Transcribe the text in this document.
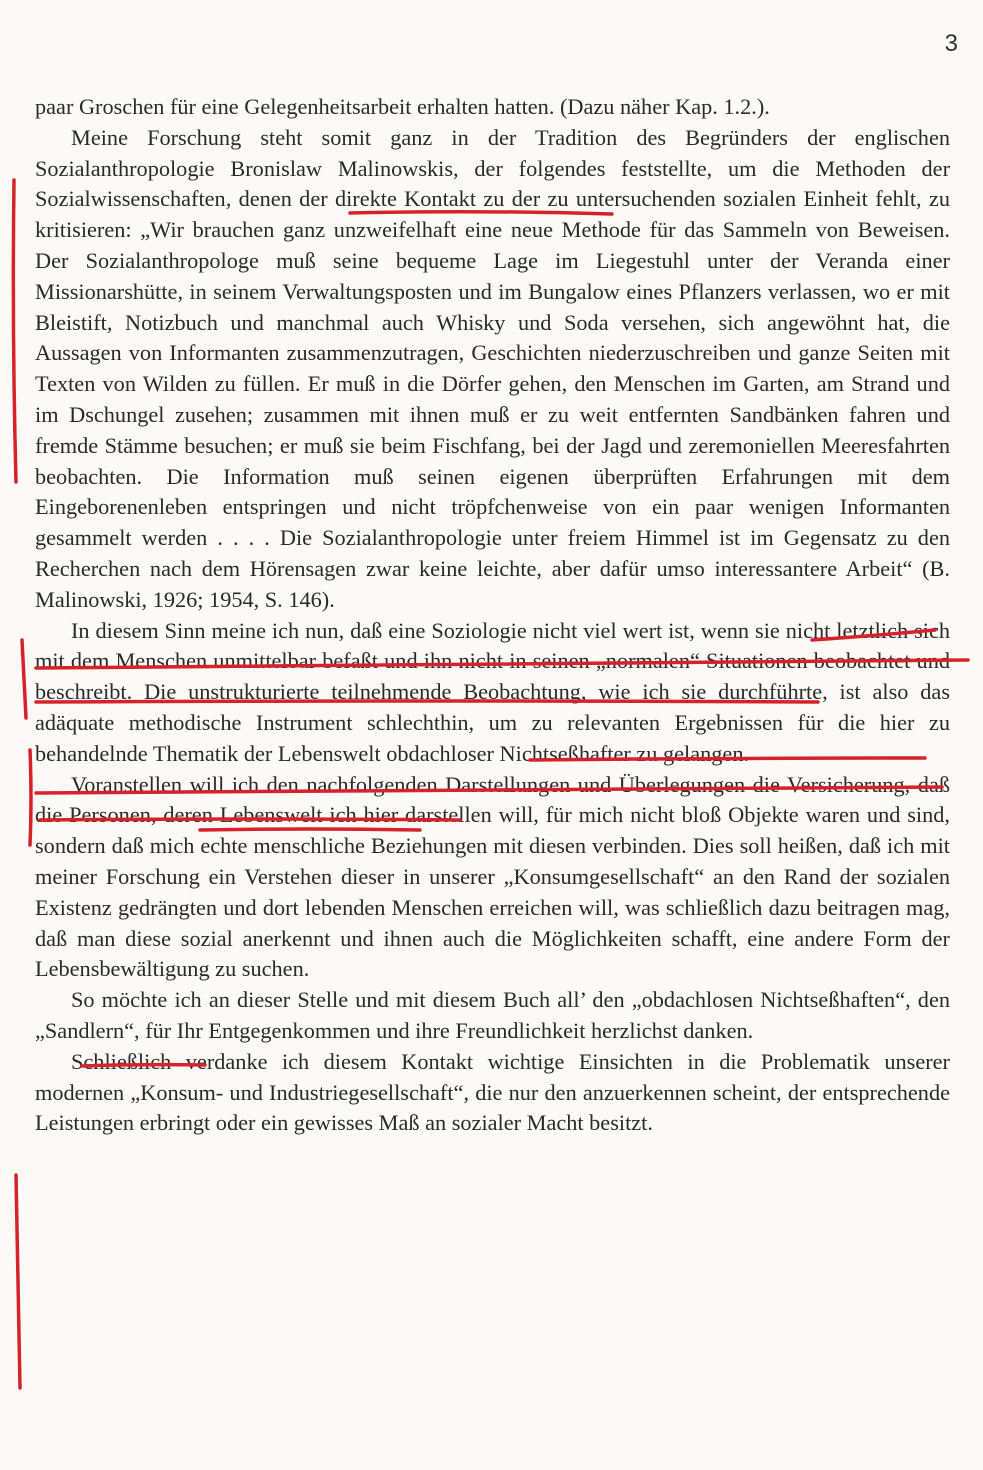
3

paar Groschen für eine Gelegenheitsarbeit erhalten hatten. (Dazu näher Kap. 1.2.).

Meine Forschung steht somit ganz in der Tradition des Begründers der englischen Sozialanthropologie Bronislaw Malinowskis, der folgendes feststellte, um die Methoden der Sozialwissenschaften, denen der direkte Kontakt zu der zu untersuchenden sozialen Einheit fehlt, zu kritisieren: „Wir brauchen ganz unzweifelhaft eine neue Methode für das Sammeln von Beweisen. Der Sozialanthropologe muß seine bequeme Lage im Liegestuhl unter der Veranda einer Missionarshütte, in seinem Verwaltungsposten und im Bungalow eines Pflanzers verlassen, wo er mit Bleistift, Notizbuch und manchmal auch Whisky und Soda versehen, sich angewöhnt hat, die Aussagen von Informanten zusammenzutragen, Geschichten niederzuschreiben und ganze Seiten mit Texten von Wilden zu füllen. Er muß in die Dörfer gehen, den Menschen im Garten, am Strand und im Dschungel zusehen; zusammen mit ihnen muß er zu weit entfernten Sandbänken fahren und fremde Stämme besuchen; er muß sie beim Fischfang, bei der Jagd und zeremoniellen Meeresfahrten beobachten. Die Information muß seinen eigenen überprüften Erfahrungen mit dem Eingeborenenleben entspringen und nicht tröpfchenweise von ein paar wenigen Informanten gesammelt werden . . . . Die Sozialanthropologie unter freiem Himmel ist im Gegensatz zu den Recherchen nach dem Hörensagen zwar keine leichte, aber dafür umso interessantere Arbeit“ (B. Malinowski, 1926; 1954, S. 146).

In diesem Sinn meine ich nun, daß eine Soziologie nicht viel wert ist, wenn sie nicht letztlich sich mit dem Menschen unmittelbar befaßt und ihn nicht in seinen „normalen“ Situationen beobachtet und beschreibt. Die unstrukturierte teilnehmende Beobachtung, wie ich sie durchführte, ist also das adäquate methodische Instrument schlechthin, um zu relevanten Ergebnissen für die hier zu behandelnde Thematik der Lebenswelt obdachloser Nichtseßhafter zu gelangen.

Voranstellen will ich den nachfolgenden Darstellungen und Überlegungen die Versicherung, daß die Personen, deren Lebenswelt ich hier darstellen will, für mich nicht bloß Objekte waren und sind, sondern daß mich echte menschliche Beziehungen mit diesen verbinden. Dies soll heißen, daß ich mit meiner Forschung ein Verstehen dieser in unserer „Konsumgesellschaft“ an den Rand der sozialen Existenz gedrängten und dort lebenden Menschen erreichen will, was schließlich dazu beitragen mag, daß man diese sozial anerkennt und ihnen auch die Möglichkeiten schafft, eine andere Form der Lebensbewältigung zu suchen.

So möchte ich an dieser Stelle und mit diesem Buch all’ den „obdachlosen Nichtseßhaften“, den „Sandlern“, für Ihr Entgegenkommen und ihre Freundlichkeit herzlichst danken.

Schließlich verdanke ich diesem Kontakt wichtige Einsichten in die Problematik unserer modernen „Konsum- und Industriegesellschaft“, die nur den anzuerkennen scheint, der entsprechende Leistungen erbringt oder ein gewisses Maß an sozialer Macht besitzt.
